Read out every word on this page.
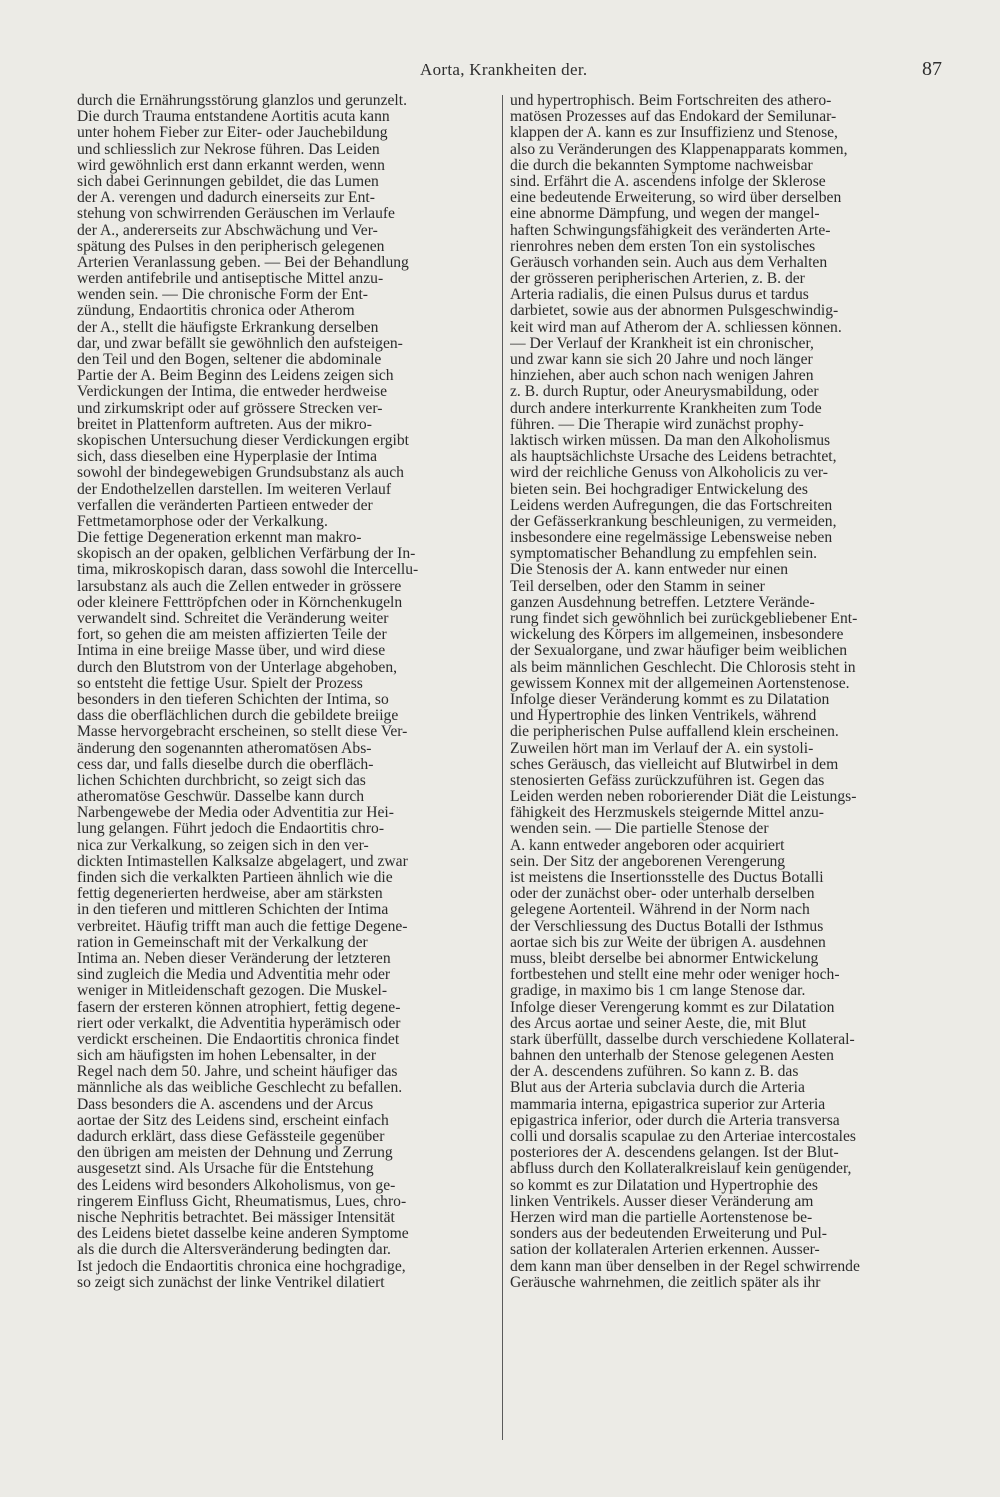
Aorta, Krankheiten der.	87
durch die Ernährungsstörung glanzlos und gerunzelt.
Die durch Trauma entstandene Aortitis acuta kann
unter hohem Fieber zur Eiter- oder Jauchebildung
und schliesslich zur Nekrose führen. Das Leiden
wird gewöhnlich erst dann erkannt werden, wenn
sich dabei Gerinnungen gebildet, die das Lumen
der A. verengen und dadurch einerseits zur Ent-
stehung von schwirrenden Geräuschen im Verlaufe
der A., andererseits zur Abschwächung und Ver-
spätung des Pulses in den peripherisch gelegenen
Arterien Veranlassung geben. — Bei der Behandlung
werden antifebrile und antiseptische Mittel anzu-
wenden sein. — Die chronische Form der Ent-
zündung, Endaortitis chronica oder Atherom
der A., stellt die häufigste Erkrankung derselben
dar, und zwar befällt sie gewöhnlich den aufsteigen-
den Teil und den Bogen, seltener die abdominale
Partie der A. Beim Beginn des Leidens zeigen sich
Verdickungen der Intima, die entweder herdweise
und zirkumskript oder auf grössere Strecken ver-
breitet in Plattenform auftreten. Aus der mikro-
skopischen Untersuchung dieser Verdickungen ergibt
sich, dass dieselben eine Hyperplasie der Intima
sowohl der bindegewebigen Grundsubstanz als auch
der Endothelzellen darstellen. Im weiteren Verlauf
verfallen die veränderten Partieen entweder der
Fettmetamorphose oder der Verkalkung.
Die fettige Degeneration erkennt man makro-
skopisch an der opaken, gelblichen Verfärbung der In-
tima, mikroskopisch daran, dass sowohl die Intercellu-
larsubstanz als auch die Zellen entweder in grössere
oder kleinere Fetttröpfchen oder in Körnchenkugeln
verwandelt sind. Schreitet die Veränderung weiter
fort, so gehen die am meisten affizierten Teile der
Intima in eine breiige Masse über, und wird diese
durch den Blutstrom von der Unterlage abgehoben,
so entsteht die fettige Usur. Spielt der Prozess
besonders in den tieferen Schichten der Intima, so
dass die oberflächlichen durch die gebildete breiige
Masse hervorgebracht erscheinen, so stellt diese Ver-
änderung den sogenannten atheromatösen Abs-
cess dar, und falls dieselbe durch die oberfläch-
lichen Schichten durchbricht, so zeigt sich das
atheromatöse Geschwür. Dasselbe kann durch
Narbengewebe der Media oder Adventitia zur Hei-
lung gelangen. Führt jedoch die Endaortitis chro-
nica zur Verkalkung, so zeigen sich in den ver-
dickten Intimastellen Kalksalze abgelagert, und zwar
finden sich die verkalkten Partieen ähnlich wie die
fettig degenerierten herdweise, aber am stärksten
in den tieferen und mittleren Schichten der Intima
verbreitet. Häufig trifft man auch die fettige Degene-
ration in Gemeinschaft mit der Verkalkung der
Intima an. Neben dieser Veränderung der letzteren
sind zugleich die Media und Adventitia mehr oder
weniger in Mitleidenschaft gezogen. Die Muskel-
fasern der ersteren können atrophiert, fettig degene-
riert oder verkalkt, die Adventitia hyperämisch oder
verdickt erscheinen. Die Endaortitis chronica findet
sich am häufigsten im hohen Lebensalter, in der
Regel nach dem 50. Jahre, und scheint häufiger das
männliche als das weibliche Geschlecht zu befallen.
Dass besonders die A. ascendens und der Arcus
aortae der Sitz des Leidens sind, erscheint einfach
dadurch erklärt, dass diese Gefässteile gegenüber
den übrigen am meisten der Dehnung und Zerrung
ausgesetzt sind. Als Ursache für die Entstehung
des Leidens wird besonders Alkoholismus, von ge-
ringerem Einfluss Gicht, Rheumatismus, Lues, chro-
nische Nephritis betrachtet. Bei mässiger Intensität
des Leidens bietet dasselbe keine anderen Symptome
als die durch die Altersveränderung bedingten dar.
Ist jedoch die Endaortitis chronica eine hochgradige,
so zeigt sich zunächst der linke Ventrikel dilatiert
und hypertrophisch. Beim Fortschreiten des athero-
matösen Prozesses auf das Endokard der Semilunar-
klappen der A. kann es zur Insuffizienz und Stenose,
also zu Veränderungen des Klappenapparats kommen,
die durch die bekannten Symptome nachweisbar
sind. Erfährt die A. ascendens infolge der Sklerose
eine bedeutende Erweiterung, so wird über derselben
eine abnorme Dämpfung, und wegen der mangel-
haften Schwingungsfähigkeit des veränderten Arte-
rienrohres neben dem ersten Ton ein systolisches
Geräusch vorhanden sein. Auch aus dem Verhalten
der grösseren peripherischen Arterien, z. B. der
Arteria radialis, die einen Pulsus durus et tardus
darbietet, sowie aus der abnormen Pulsgeschwindig-
keit wird man auf Atherom der A. schliessen können.
— Der Verlauf der Krankheit ist ein chronischer,
und zwar kann sie sich 20 Jahre und noch länger
hinziehen, aber auch schon nach wenigen Jahren
z. B. durch Ruptur, oder Aneurysmabildung, oder
durch andere interkurrente Krankheiten zum Tode
führen. — Die Therapie wird zunächst prophy-
laktisch wirken müssen. Da man den Alkoholismus
als hauptsächlichste Ursache des Leidens betrachtet,
wird der reichliche Genuss von Alkoholicis zu ver-
bieten sein. Bei hochgradiger Entwickelung des
Leidens werden Aufregungen, die das Fortschreiten
der Gefässerkrankung beschleunigen, zu vermeiden,
insbesondere eine regelmässige Lebensweise neben
symptomatischer Behandlung zu empfehlen sein.
Die Stenosis der A. kann entweder nur einen
Teil derselben, oder den Stamm in seiner
ganzen Ausdehnung betreffen. Letztere Verände-
rung findet sich gewöhnlich bei zurückgebliebener Ent-
wickelung des Körpers im allgemeinen, insbesondere
der Sexualorgane, und zwar häufiger beim weiblichen
als beim männlichen Geschlecht. Die Chlorosis steht in
gewissem Konnex mit der allgemeinen Aortenstenose.
Infolge dieser Veränderung kommt es zu Dilatation
und Hypertrophie des linken Ventrikels, während
die peripherischen Pulse auffallend klein erscheinen.
Zuweilen hört man im Verlauf der A. ein systoli-
sches Geräusch, das vielleicht auf Blutwirbel in dem
stenosierten Gefäss zurückzuführen ist. Gegen das
Leiden werden neben roborierender Diät die Leistungs-
fähigkeit des Herzmuskels steigernde Mittel anzu-
wenden sein. — Die partielle Stenose der
A. kann entweder angeboren oder acquiriert
sein. Der Sitz der angeborenen Verengerung
ist meistens die Insertionsstelle des Ductus Botalli
oder der zunächst ober- oder unterhalb derselben
gelegene Aortenteil. Während in der Norm nach
der Verschliessung des Ductus Botalli der Isthmus
aortae sich bis zur Weite der übrigen A. ausdehnen
muss, bleibt derselbe bei abnormer Entwickelung
fortbestehen und stellt eine mehr oder weniger hoch-
gradige, in maximo bis 1 cm lange Stenose dar.
Infolge dieser Verengerung kommt es zur Dilatation
des Arcus aortae und seiner Aeste, die, mit Blut
stark überfüllt, dasselbe durch verschiedene Kollateral-
bahnen den unterhalb der Stenose gelegenen Aesten
der A. descendens zuführen. So kann z. B. das
Blut aus der Arteria subclavia durch die Arteria
mammaria interna, epigastrica superior zur Arteria
epigastrica inferior, oder durch die Arteria transversa
colli und dorsalis scapulae zu den Arteriae intercostales
posteriores der A. descendens gelangen. Ist der Blut-
abfluss durch den Kollateralkreislauf kein genügender,
so kommt es zur Dilatation und Hypertrophie des
linken Ventrikels. Ausser dieser Veränderung am
Herzen wird man die partielle Aortenstenose be-
sonders aus der bedeutenden Erweiterung und Pul-
sation der kollateralen Arterien erkennen. Ausser-
dem kann man über denselben in der Regel schwirrende
Geräusche wahrnehmen, die zeitlich später als ihr
